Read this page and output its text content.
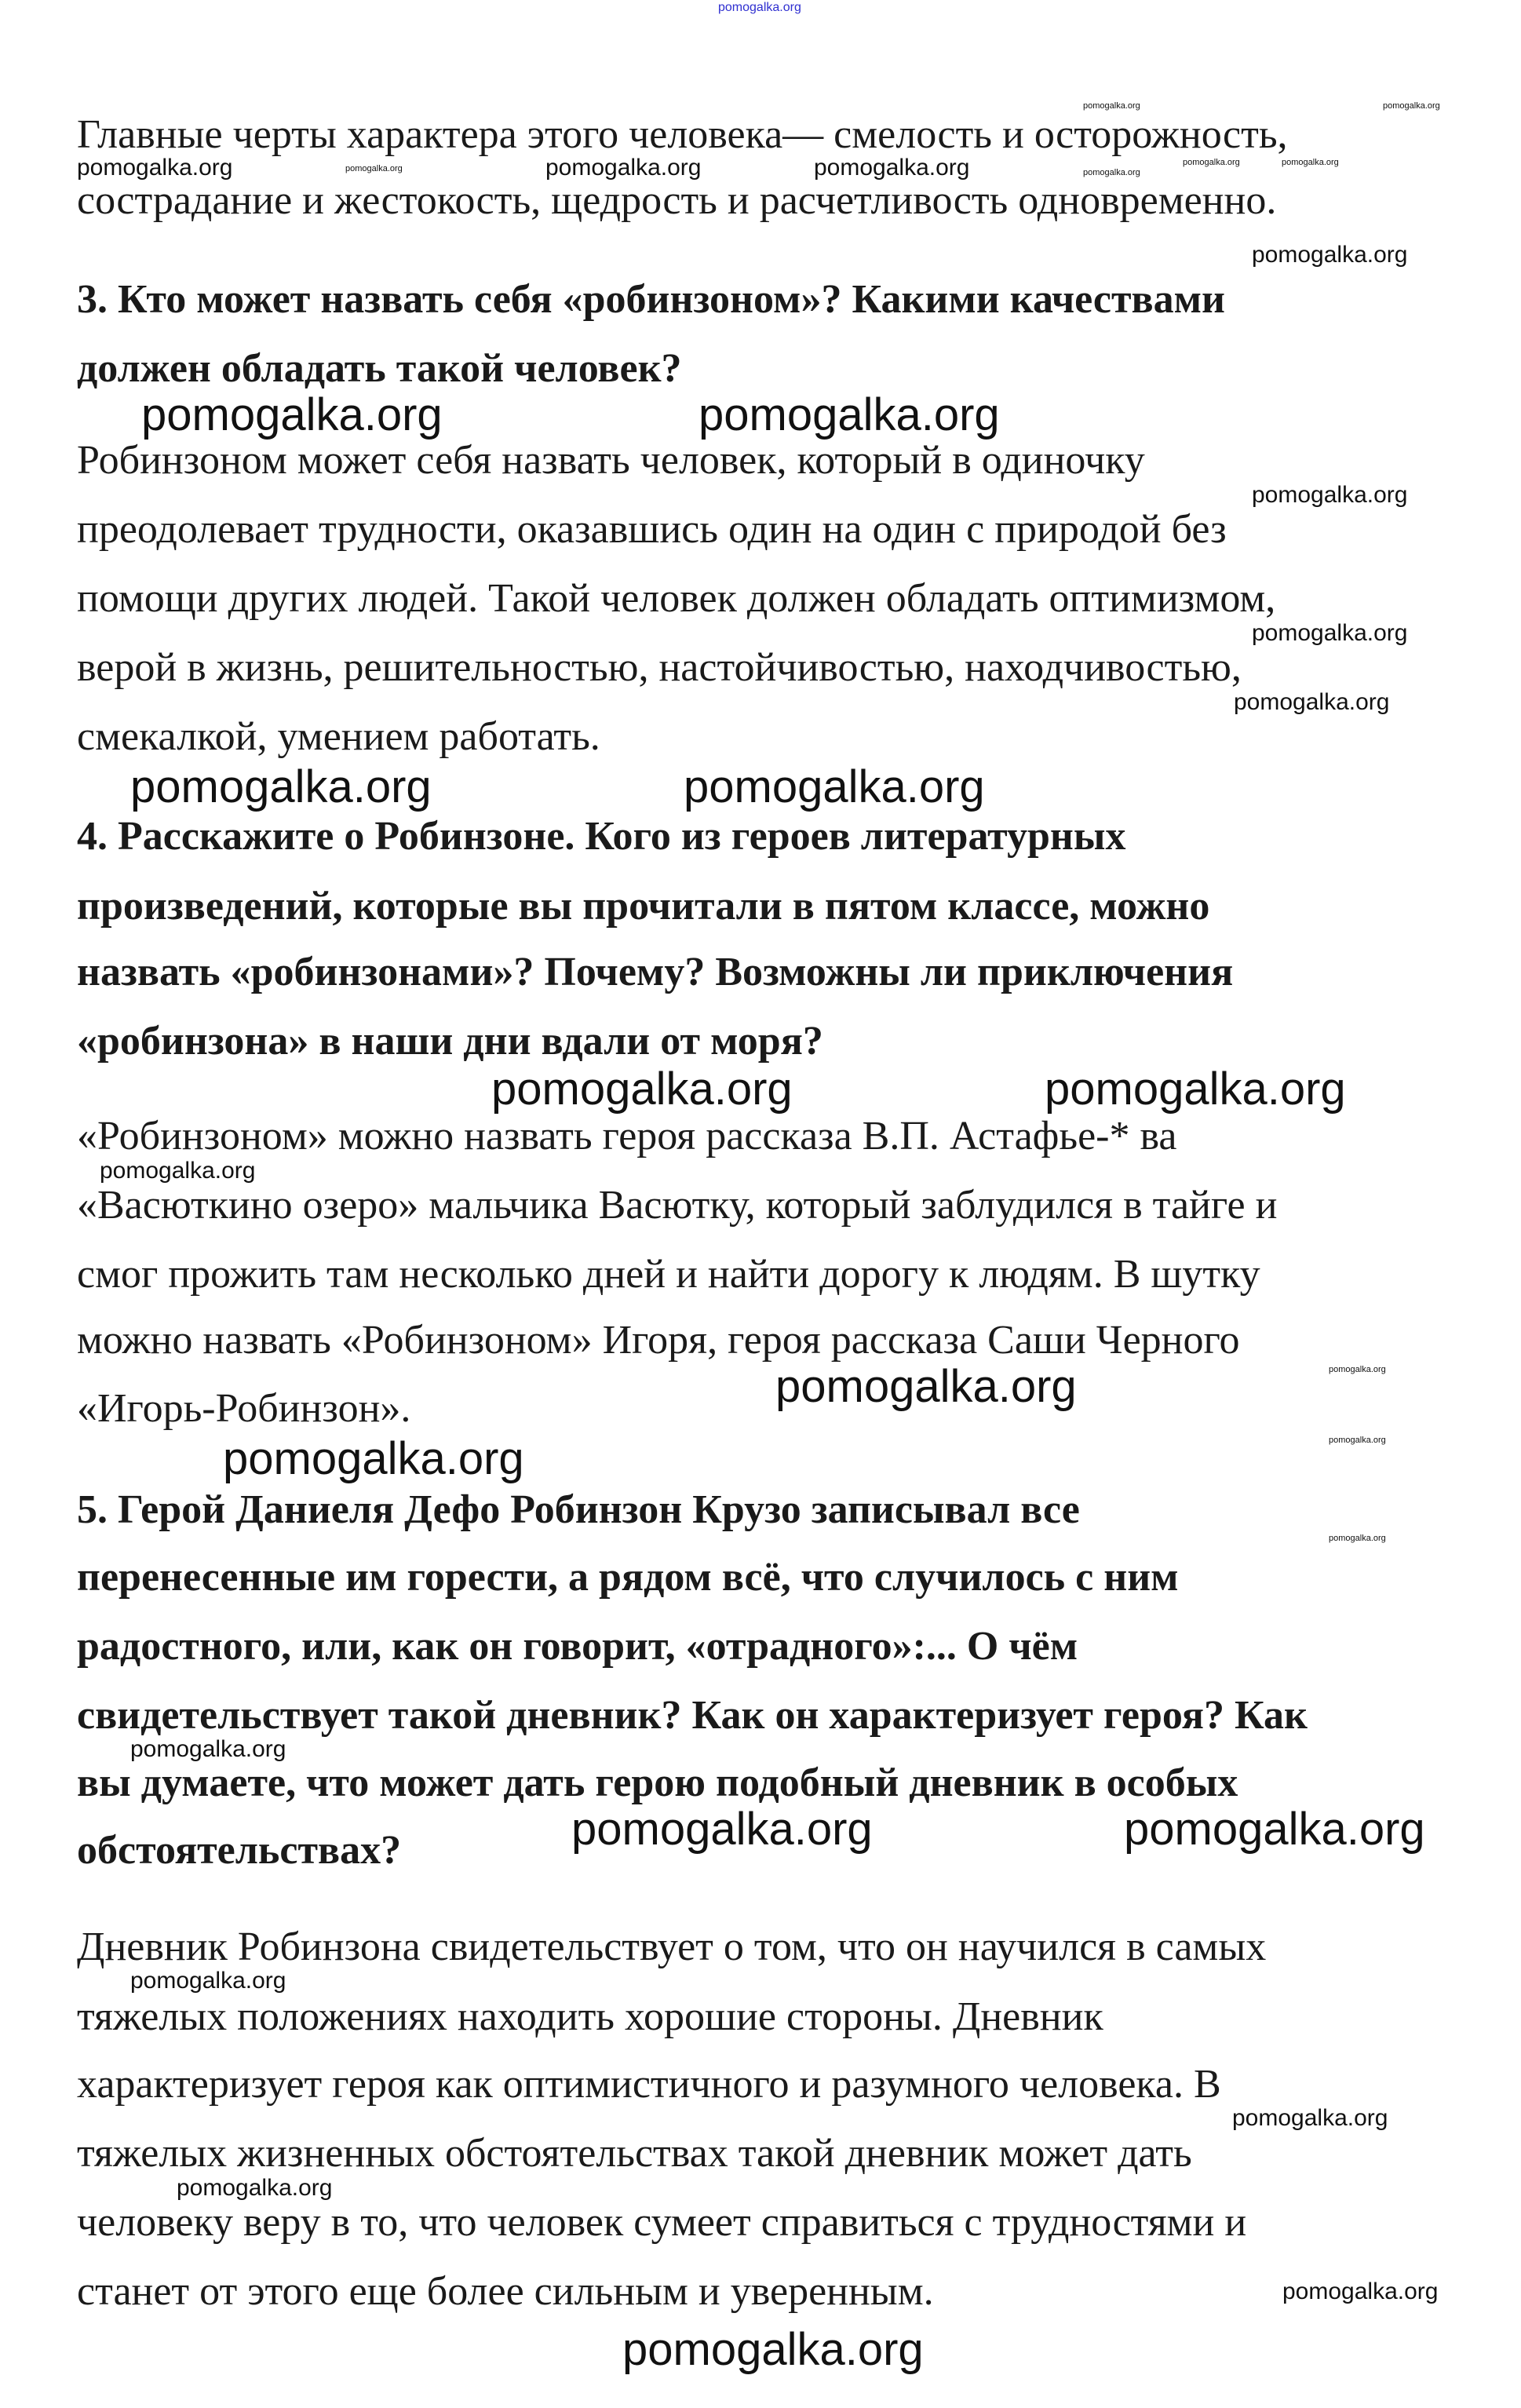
Главные черты характера этого человека— смелость и осторожность,
сострадание и жестокость, щедрость и расчетливость одновременно.
3. Кто может назвать себя «робинзоном»? Какими качествами
должен обладать такой человек?
Робинзоном может себя назвать человек, который в одиночку
преодолевает трудности, оказавшись один на один с природой без
помощи других людей. Такой человек должен обладать оптимизмом,
верой в жизнь, решительностью, настойчивостью, находчивостью,
смекалкой, умением работать.
4. Расскажите о Робинзоне. Кого из героев литературных
произведений, которые вы прочитали в пятом классе, можно
назвать «робинзонами»? Почему? Возможны ли приключения
«робинзона» в наши дни вдали от моря?
«Робинзоном» можно назвать героя рассказа В.П. Астафье-* ва
«Васюткино озеро» мальчика Васютку, который заблудился в тайге и
смог прожить там несколько дней и найти дорогу к людям. В шутку
можно назвать «Робинзоном» Игоря, героя рассказа Саши Черного
«Игорь-Робинзон».
5. Герой Даниеля Дефо Робинзон Крузо записывал все
перенесенные им горести, а рядом всё, что случилось с ним
радостного, или, как он говорит, «отрадного»:... О чём
свидетельствует такой дневник? Как он характеризует героя? Как
вы думаете, что может дать герою подобный дневник в особых
обстоятельствах?
Дневник Робинзона свидетельствует о том, что он научился в самых
тяжелых положениях находить хорошие стороны. Дневник
характеризует героя как оптимистичного и разумного человека. В
тяжелых жизненных обстоятельствах такой дневник может дать
человеку веру в то, что человек сумеет справиться с трудностями и
станет от этого еще более сильным и уверенным.
pomogalka.org
pomogalka.org	pomogalka.org
pomogalka.org	pomogalka.org
pomogalka.org
pomogalka.org
pomogalka.org	pomogalka.org	pomogalka.org
pomogalka.org
pomogalka.org	pomogalka.org
pomogalka.org
pomogalka.org
pomogalka.org
pomogalka.org	pomogalka.org
pomogalka.org	pomogalka.org
pomogalka.org
pomogalka.org
pomogalka.org
pomogalka.org
pomogalka.org
pomogalka.org
pomogalka.org
pomogalka.org	pomogalka.org
pomogalka.org
pomogalka.org
pomogalka.org
pomogalka.org
pomogalka.org
